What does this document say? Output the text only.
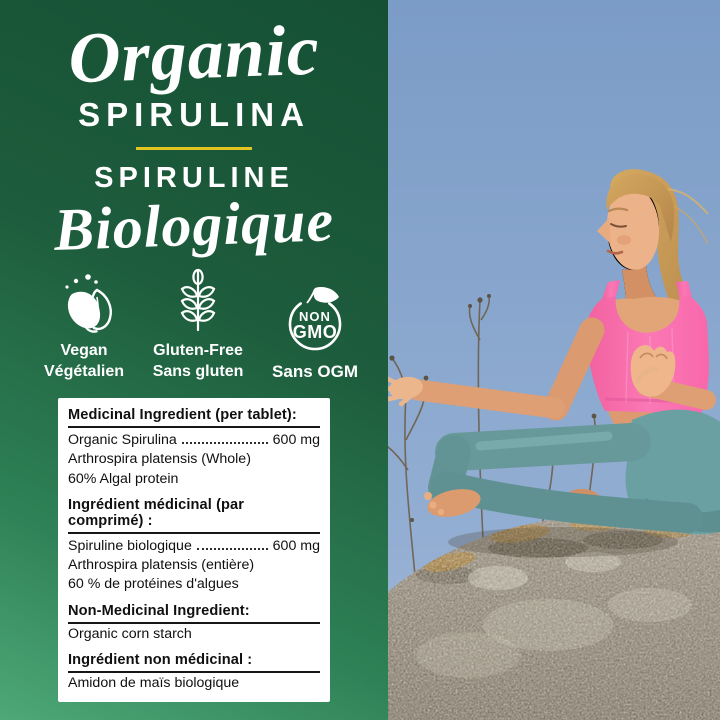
Organic
SPIRULINA
SPIRULINE
Biologique
Vegan
Végétalien
Gluten-Free
Sans gluten
NON
GMO
Sans OGM

Medicinal Ingredient (per tablet):

Organic Spirulina	600 mg

Arthrospira platensis (Whole)

60% Algal protein

Ingrédient médicinal (par comprimé) :

Spiruline biologique	600 mg

Arthrospira platensis (entière)

60 % de protéines d'algues

Non-Medicinal Ingredient:

Organic corn starch

Ingrédient non médicinal :

Amidon de maïs biologique
